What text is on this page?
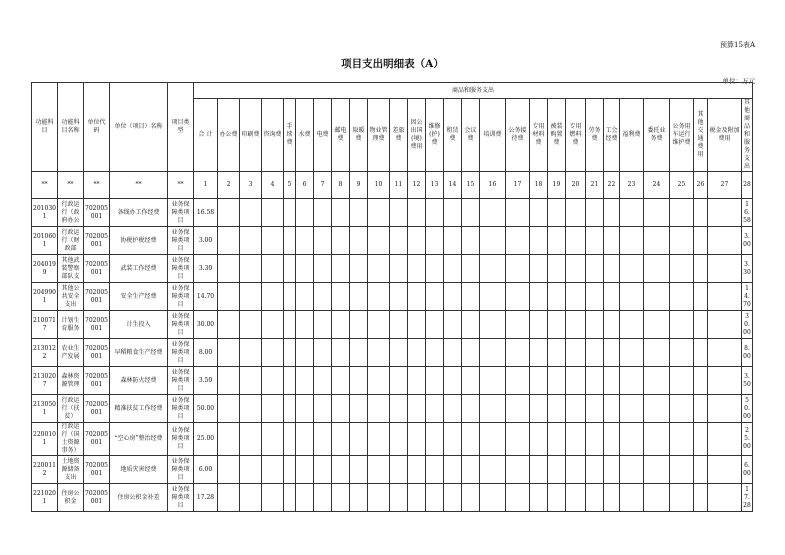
预算15表A
项目支出明细表（A）
单位：万元
功能科目	功能科目名称	单位代码	单位（项目）名称	项目类型	商品和服务支出																											
					合 计	办公费	印刷费	咨询费	手续费	水费	电费	邮电费	取暖费	物业管理费	差旅费	因公出国(境)费用	维修(护)费	租赁费	会议费	培训费	公务接待费	专用材料费	被装购置费	专用燃料费	劳务费	工会经费	福利费	委托业务费	公务用车运行维护费	其他交通费用	税金及附加费用	其他商品和服务支出
**	**	**	**	**	1	2	3	4	5	6	7	8	9	10	11	12	13	14	15	16	17	18	19	20	21	22	23	24	25	26	27	28
2010301	行政运行（政府办公	702005001	各线办工作经费	业务保障类项目	16.58																											16.58
2010601	行政运行（财政部	702005001	协税护税经费	业务保障类项目	3.00																											3.00
2040199	其他武装警察部队支	702005001	武装工作经费	业务保障类项目	3.30																											3.30
2049901	其他公共安全支出	702005001	安全生产经费	业务保障类项目	14.70																											14.70
2100717	计划生育服务	702005001	计生投入	业务保障类项目	30.00																											30.00
2130122	农业生产发展	702005001	早稻粮食生产经费	业务保障类项目	8.00																											8.00
2130207	森林资源管理	702005001	森林防火经费	业务保障类项目	3.50																											3.50
2130501	行政运行（扶贫）	702005001	精准扶贫工作经费	业务保障类项目	50.00																											50.00
2200101	行政运行（国土资源事务）	702005001	“空心房”整治经费	业务保障类项目	25.00																											25.00
2200112	土地资源储备支出	702005001	地质灾害经费	业务保障类项目	6.00																											6.00
2210201	住房公积金	702005001	住房公积金补差	业务保障类项目	17.28																											17.28
